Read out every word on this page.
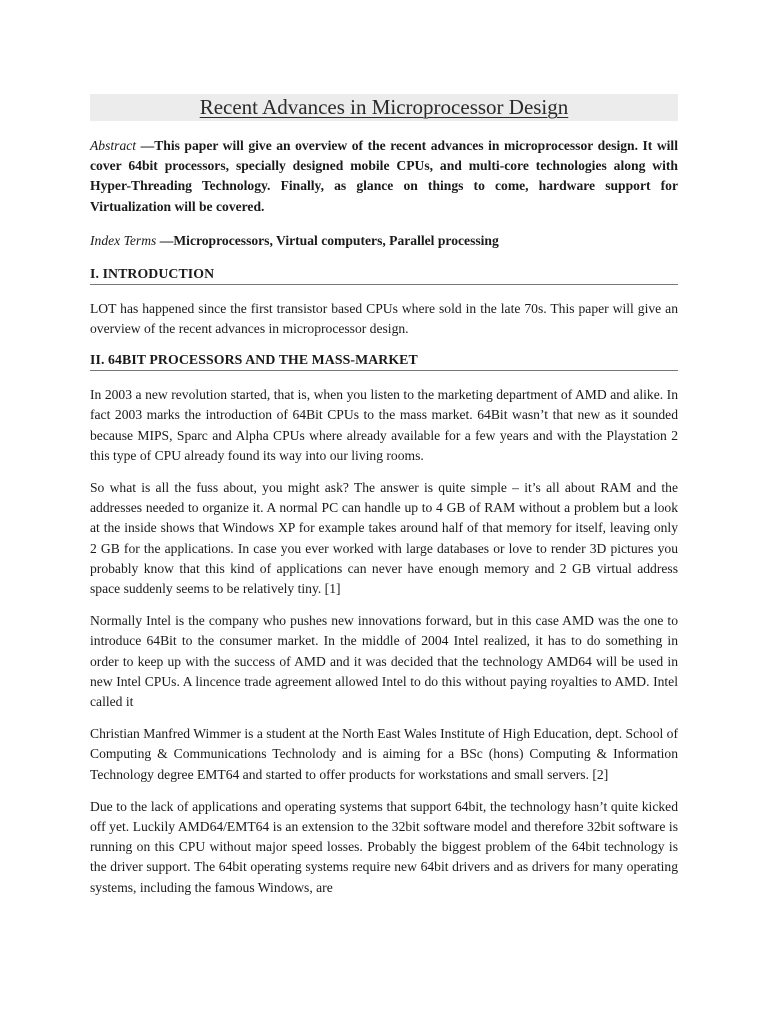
Recent Advances in Microprocessor Design

Abstract —This paper will give an overview of the recent advances in microprocessor design. It will cover 64bit processors, specially designed mobile CPUs, and multi-core technologies along with Hyper-Threading Technology. Finally, as glance on things to come, hardware support for Virtualization will be covered.

Index Terms —Microprocessors, Virtual computers, Parallel processing

I. INTRODUCTION

LOT has happened since the first transistor based CPUs where sold in the late 70s. This paper will give an overview of the recent advances in microprocessor design.

II. 64BIT PROCESSORS AND THE MASS-MARKET

In 2003 a new revolution started, that is, when you listen to the marketing department of AMD and alike. In fact 2003 marks the introduction of 64Bit CPUs to the mass market. 64Bit wasn’t that new as it sounded because MIPS, Sparc and Alpha CPUs where already available for a few years and with the Playstation 2 this type of CPU already found its way into our living rooms.

So what is all the fuss about, you might ask? The answer is quite simple – it’s all about RAM and the addresses needed to organize it. A normal PC can handle up to 4 GB of RAM without a problem but a look at the inside shows that Windows XP for example takes around half of that memory for itself, leaving only 2 GB for the applications. In case you ever worked with large databases or love to render 3D pictures you probably know that this kind of applications can never have enough memory and 2 GB virtual address space suddenly seems to be relatively tiny. [1]

Normally Intel is the company who pushes new innovations forward, but in this case AMD was the one to introduce 64Bit to the consumer market. In the middle of 2004 Intel realized, it has to do something in order to keep up with the success of AMD and it was decided that the technology AMD64 will be used in new Intel CPUs. A lincence trade agreement allowed Intel to do this without paying royalties to AMD. Intel called it

Christian Manfred Wimmer is a student at the North East Wales Institute of High Education, dept. School of Computing & Communications Technolody and is aiming for a BSc (hons) Computing & Information Technology degree EMT64 and started to offer products for workstations and small servers. [2]

Due to the lack of applications and operating systems that support 64bit, the technology hasn’t quite kicked off yet. Luckily AMD64/EMT64 is an extension to the 32bit software model and therefore 32bit software is running on this CPU without major speed losses. Probably the biggest problem of the 64bit technology is the driver support. The 64bit operating systems require new 64bit drivers and as drivers for many operating systems, including the famous Windows, are
